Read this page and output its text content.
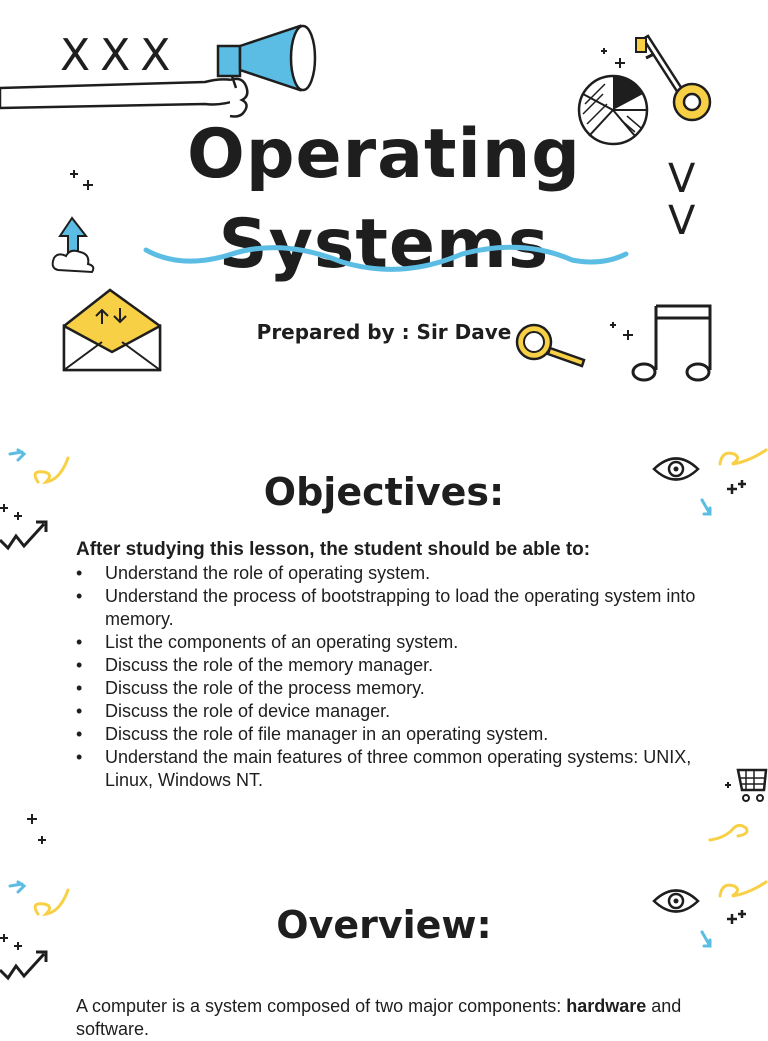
XXX
V V
Operating
Systems
Prepared by : Sir Dave
Objectives:
After studying this lesson, the student should be able to:
• Understand the role of operating system.
• Understand the process of bootstrapping to load the operating system into memory.
• List the components of an operating system.
• Discuss the role of the memory manager.
• Discuss the role of the process memory.
• Discuss the role of device manager.
• Discuss the role of file manager in an operating system.
• Understand the main features of three common operating systems: UNIX, Linux, Windows NT.
Overview:
A computer is a system composed of two major components: hardware and software.
